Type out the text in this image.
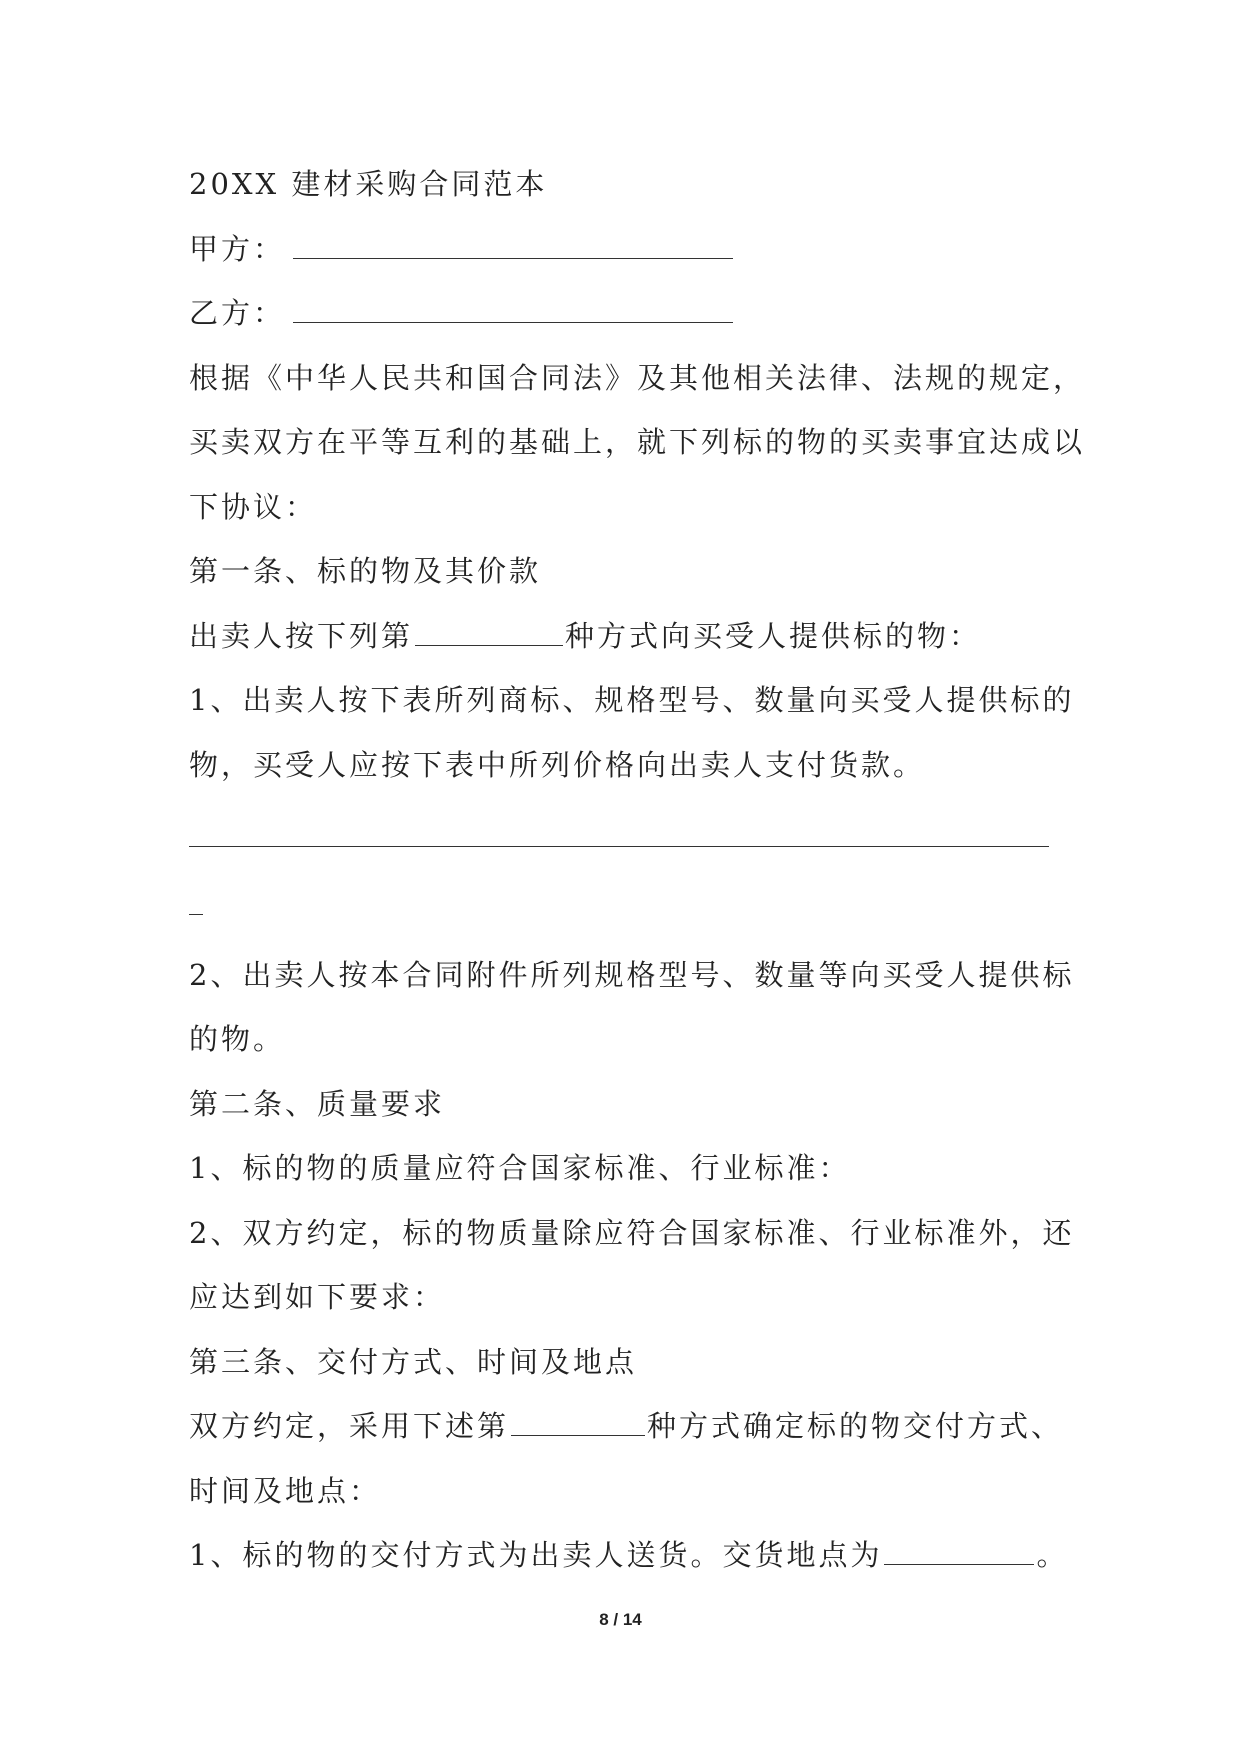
20XX 建材采购合同范本
甲方：
乙方：
根据《中华人民共和国合同法》及其他相关法律、法规的规定，
买卖双方在平等互利的基础上，就下列标的物的买卖事宜达成以
下协议：
第一条、标的物及其价款
出卖人按下列第	种方式向买受人提供标的物：
1、出卖人按下表所列商标、规格型号、数量向买受人提供标的
物，买受人应按下表中所列价格向出卖人支付货款。
2、出卖人按本合同附件所列规格型号、数量等向买受人提供标
的物。
第二条、质量要求
1、标的物的质量应符合国家标准、行业标准：
2、双方约定，标的物质量除应符合国家标准、行业标准外，还
应达到如下要求：
第三条、交付方式、时间及地点
双方约定，采用下述第	种方式确定标的物交付方式、
时间及地点：
1、标的物的交付方式为出卖人送货。交货地点为	。
8 / 14
